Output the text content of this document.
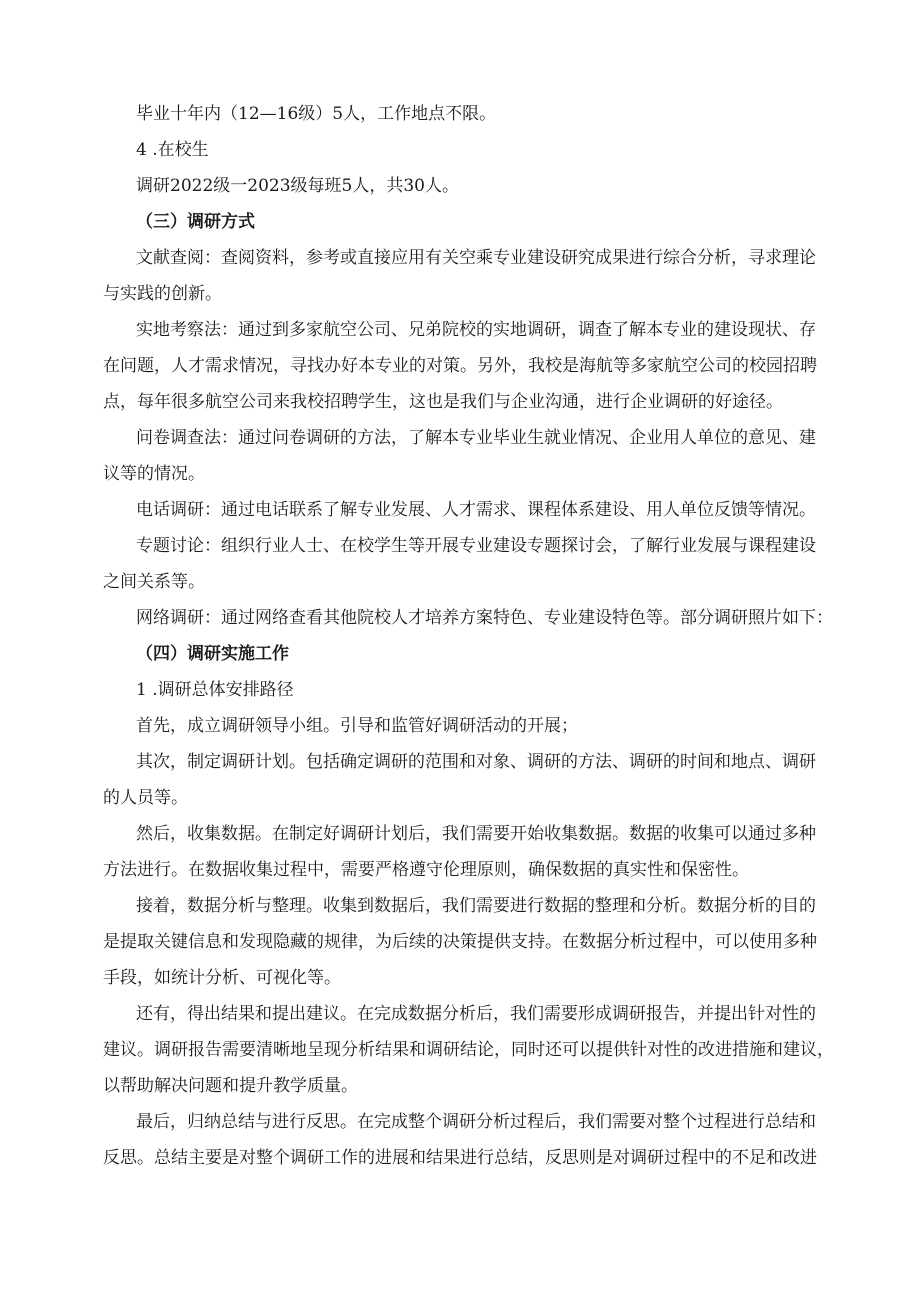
毕业十年内（12—16级）5人，工作地点不限。
4 .在校生
调研2022级一2023级每班5人，共30人。
（三）调研方式
文献查阅：查阅资料，参考或直接应用有关空乘专业建设研究成果进行综合分析，寻求理论
与实践的创新。
实地考察法：通过到多家航空公司、兄弟院校的实地调研，调查了解本专业的建设现状、存
在问题，人才需求情况，寻找办好本专业的对策。另外，我校是海航等多家航空公司的校园招聘
点，每年很多航空公司来我校招聘学生，这也是我们与企业沟通，进行企业调研的好途径。
问卷调查法：通过问卷调研的方法，了解本专业毕业生就业情况、企业用人单位的意见、建
议等的情况。
电话调研：通过电话联系了解专业发展、人才需求、课程体系建设、用人单位反馈等情况。
专题讨论：组织行业人士、在校学生等开展专业建设专题探讨会，了解行业发展与课程建设
之间关系等。
网络调研：通过网络查看其他院校人才培养方案特色、专业建设特色等。部分调研照片如下：
（四）调研实施工作
1 .调研总体安排路径
首先，成立调研领导小组。引导和监管好调研活动的开展；
其次，制定调研计划。包括确定调研的范围和对象、调研的方法、调研的时间和地点、调研
的人员等。
然后，收集数据。在制定好调研计划后，我们需要开始收集数据。数据的收集可以通过多种
方法进行。在数据收集过程中，需要严格遵守伦理原则，确保数据的真实性和保密性。
接着，数据分析与整理。收集到数据后，我们需要进行数据的整理和分析。数据分析的目的
是提取关键信息和发现隐藏的规律，为后续的决策提供支持。在数据分析过程中，可以使用多种
手段，如统计分析、可视化等。
还有，得出结果和提出建议。在完成数据分析后，我们需要形成调研报告，并提出针对性的
建议。调研报告需要清晰地呈现分析结果和调研结论，同时还可以提供针对性的改进措施和建议，
以帮助解决问题和提升教学质量。
最后，归纳总结与进行反思。在完成整个调研分析过程后，我们需要对整个过程进行总结和
反思。总结主要是对整个调研工作的进展和结果进行总结，反思则是对调研过程中的不足和改进
